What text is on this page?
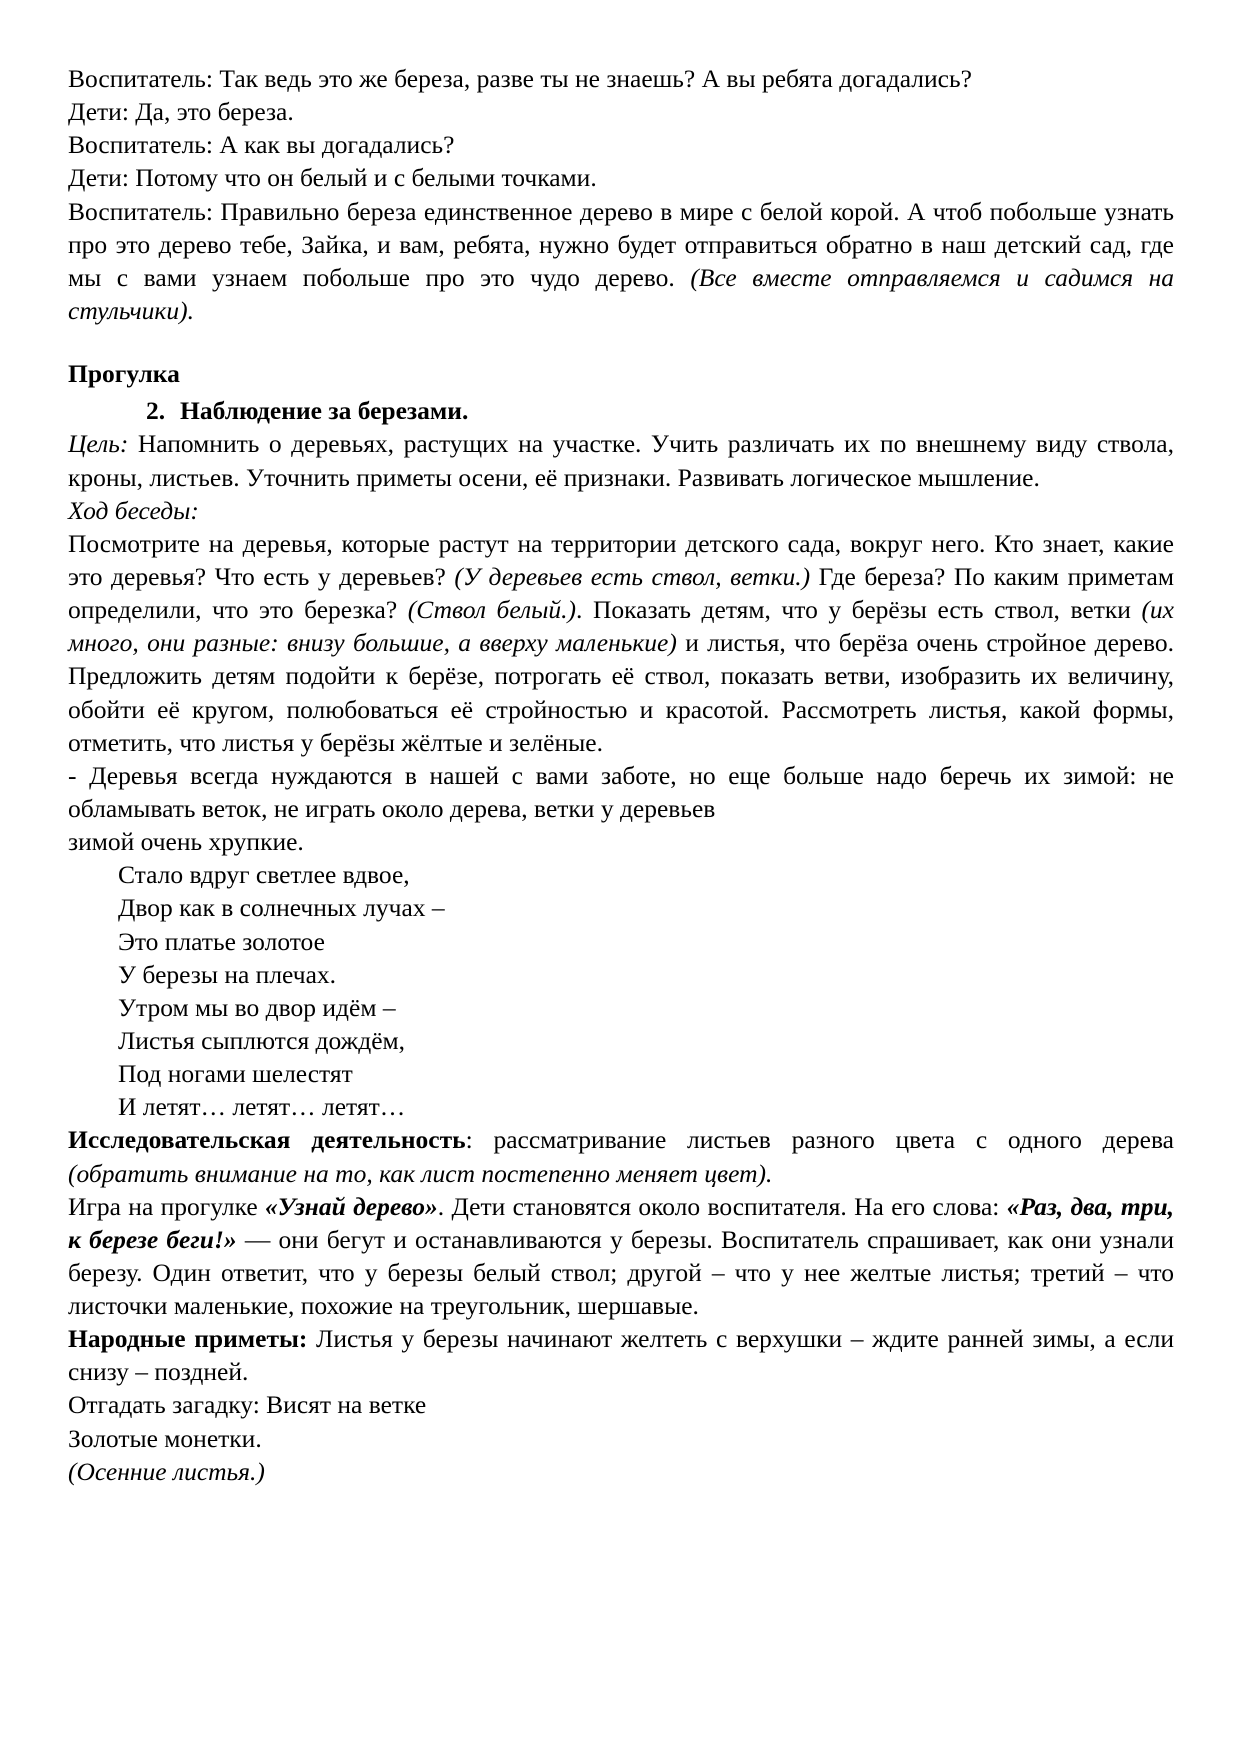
Воспитатель: Так ведь это же береза, разве ты не знаешь? А вы ребята догадались?

Дети: Да, это береза.

Воспитатель: А как вы догадались?

Дети: Потому что он белый и с белыми точками.

Воспитатель: Правильно береза единственное дерево в мире с белой корой. А чтоб побольше узнать про это дерево тебе, Зайка, и вам, ребята, нужно будет отправиться обратно в наш детский сад, где мы с вами узнаем побольше про это чудо дерево. (Все вместе отправляемся и садимся на стульчики).

Прогулка

2. Наблюдение за березами.

Цель: Напомнить о деревьях, растущих на участке. Учить различать их по внешнему виду ствола, кроны, листьев. Уточнить приметы осени, её признаки. Развивать логическое мышление.

Ход беседы:

Посмотрите на деревья, которые растут на территории детского сада, вокруг него. Кто знает, какие это деревья? Что есть у деревьев? (У деревьев есть ствол, ветки.) Где береза? По каким приметам определили, что это березка? (Ствол белый.). Показать детям, что у берёзы есть ствол, ветки (их много, они разные: внизу большие, а вверху маленькие) и листья, что берёза очень стройное дерево. Предложить детям подойти к берёзе, потрогать её ствол, показать ветви, изобразить их величину, обойти её кругом, полюбоваться её стройностью и красотой. Рассмотреть листья, какой формы, отметить, что листья у берёзы жёлтые и зелёные.

- Деревья всегда нуждаются в нашей с вами заботе, но еще больше надо беречь их зимой: не обламывать веток, не играть около дерева, ветки у деревьев

зимой очень хрупкие.

Стало вдруг светлее вдвое,

Двор как в солнечных лучах –

Это платье золотое

У березы на плечах.

Утром мы во двор идём –

Листья сыплются дождём,

Под ногами шелестят

И летят… летят… летят…

Исследовательская деятельность: рассматривание листьев разного цвета с одного дерева (обратить внимание на то, как лист постепенно меняет цвет).

Игра на прогулке «Узнай дерево». Дети становятся около воспитателя. На его слова: «Раз, два, три, к березе беги!» — они бегут и останавливаются у березы. Воспитатель спрашивает, как они узнали березу. Один ответит, что у березы белый ствол; другой – что у нее желтые листья; третий – что листочки маленькие, похожие на треугольник, шершавые.

Народные приметы: Листья у березы начинают желтеть с верхушки – ждите ранней зимы, а если снизу – поздней.

Отгадать загадку: Висят на ветке

Золотые монетки.

(Осенние листья.)
